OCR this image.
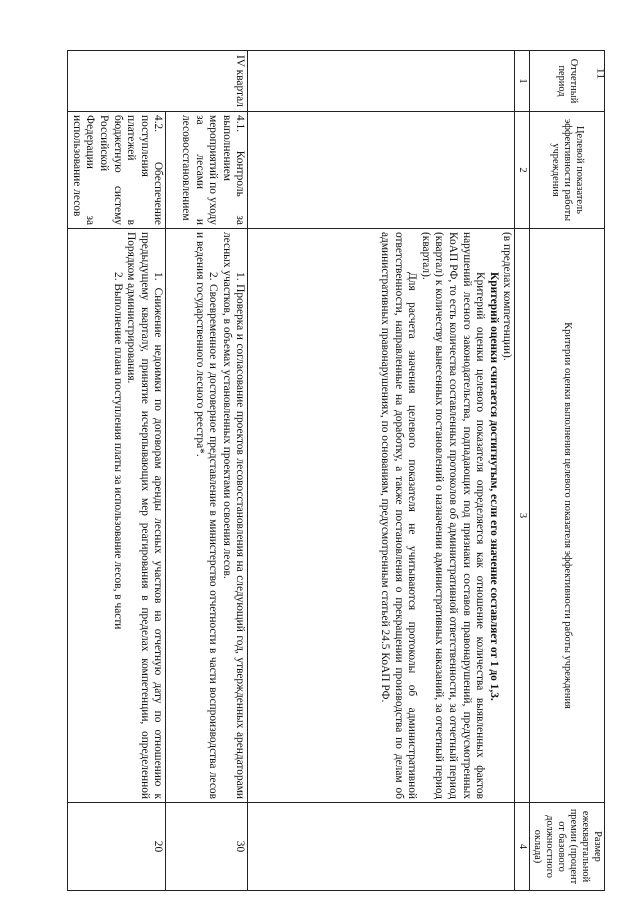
11
Отчетный период	Целевой показатель эффективности работы учреждения	Критерии оценки выполнения целевого показателя эффективности работы учреждения	Размер ежеквартальной премии (процент от базового должностного оклада)
1	2	3	4

		(в пределах компетенции).

Критерий оценки считается достигнутым, если его значение составляет от 1 до 1,3.

Критерий оценки целевого показателя определяется как отношение количества выявленных фактов нарушений лесного законодательства, подпадающих под признаки составов правонарушений, предусмотренных КоАП РФ, то есть количества составленных протоколов об административной ответственности, за отчетный период (квартал) к количеству вынесенных постановлений о назначении административных наказаний, за отчетный период (квартал).

Для расчета значения целевого показателя не учитываются протоколы об административной ответственности, направленные на доработку, а также постановления о прекращении производства по делам об административных правонарушениях, по основаниям, предусмотренным статьей 24.5 КоАП РФ.	

IV квартал	4.1. Контроль за выполнением мероприятий по уходу за лесами и лесовосстановлением	1. Проверка и согласование проектов лесовосстановления на следующий год, утвержденных арендаторами лесных участков, в объемах установленных проектами освоения лесов.

2. Своевременное и достоверное представление в министерство отчетности в части воспроизводства лесов и ведения государственного лесного реестра*.	30

	4.2. Обеспечение поступления платежей в бюджетную систему Российской Федерации за использование лесов	1. Снижение недоимки по договорам аренды лесных участков на отчетную дату по отношению к предыдущему кварталу, принятие исчерпывающих мер реагирования в пределах компетенции, определенной Порядком администрирования.

2. Выполнение плана поступления платы за использование лесов, в части	20
